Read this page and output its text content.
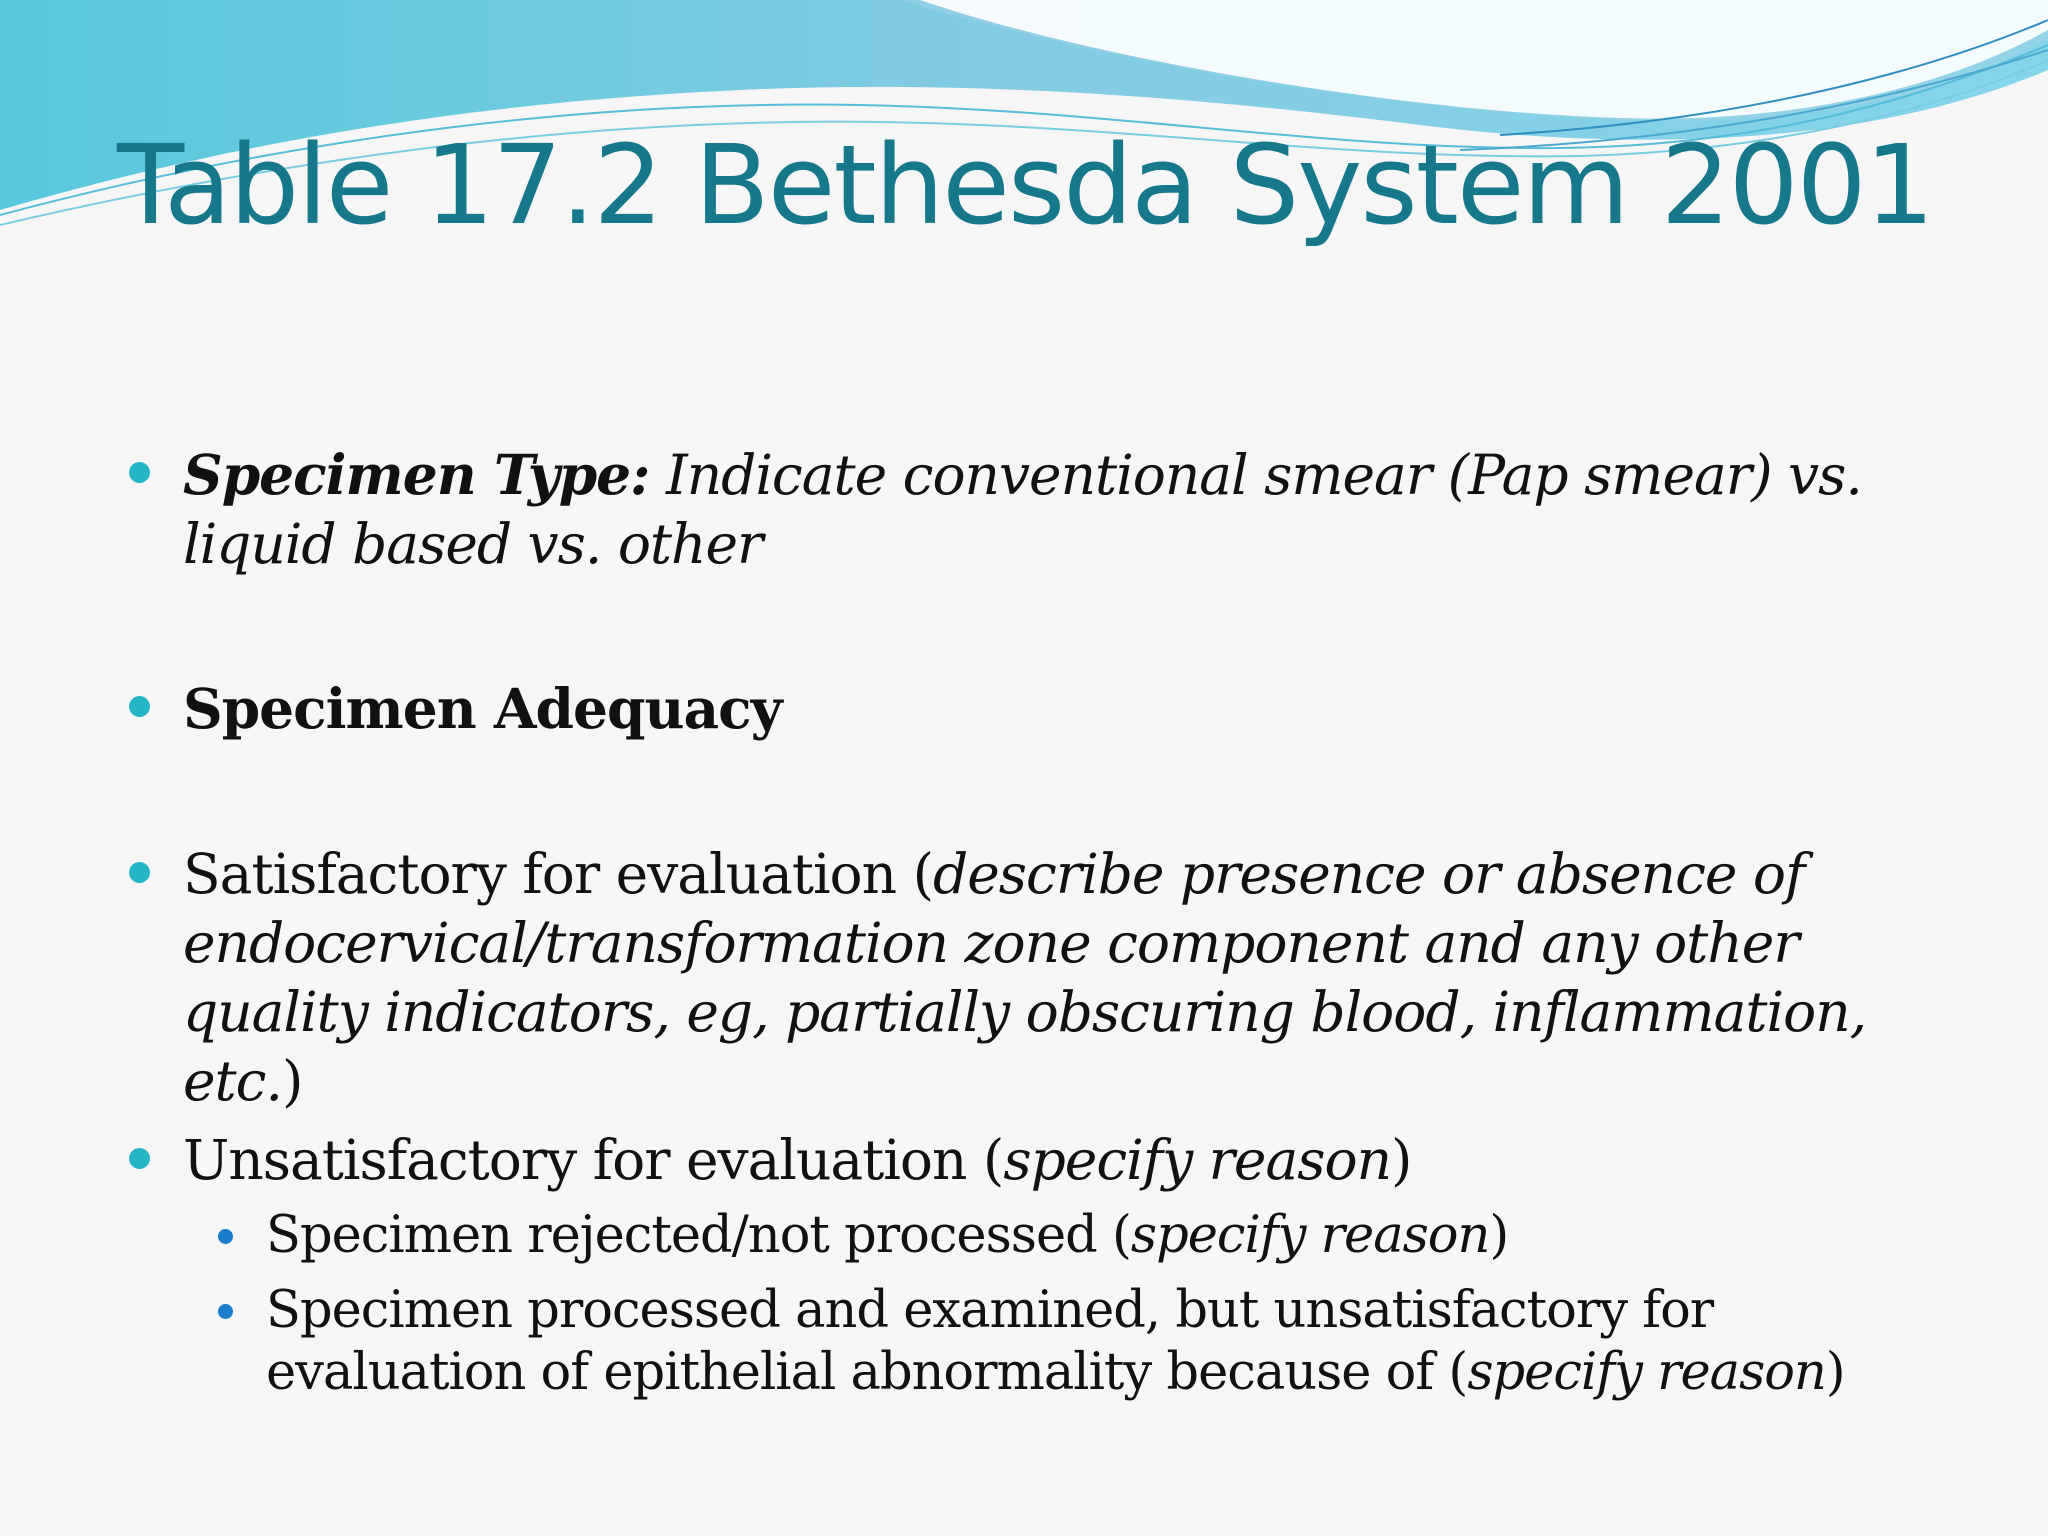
Table 17.2 Bethesda System 2001
Specimen Type: Indicate conventional smear (Pap smear) vs. liquid based vs. other
Specimen Adequacy
Satisfactory for evaluation (describe presence or absence of endocervical/transformation zone component and any other quality indicators, eg, partially obscuring blood, inflammation, etc.)
Unsatisfactory for evaluation (specify reason)
Specimen rejected/not processed (specify reason)
Specimen processed and examined, but unsatisfactory for evaluation of epithelial abnormality because of (specify reason)
